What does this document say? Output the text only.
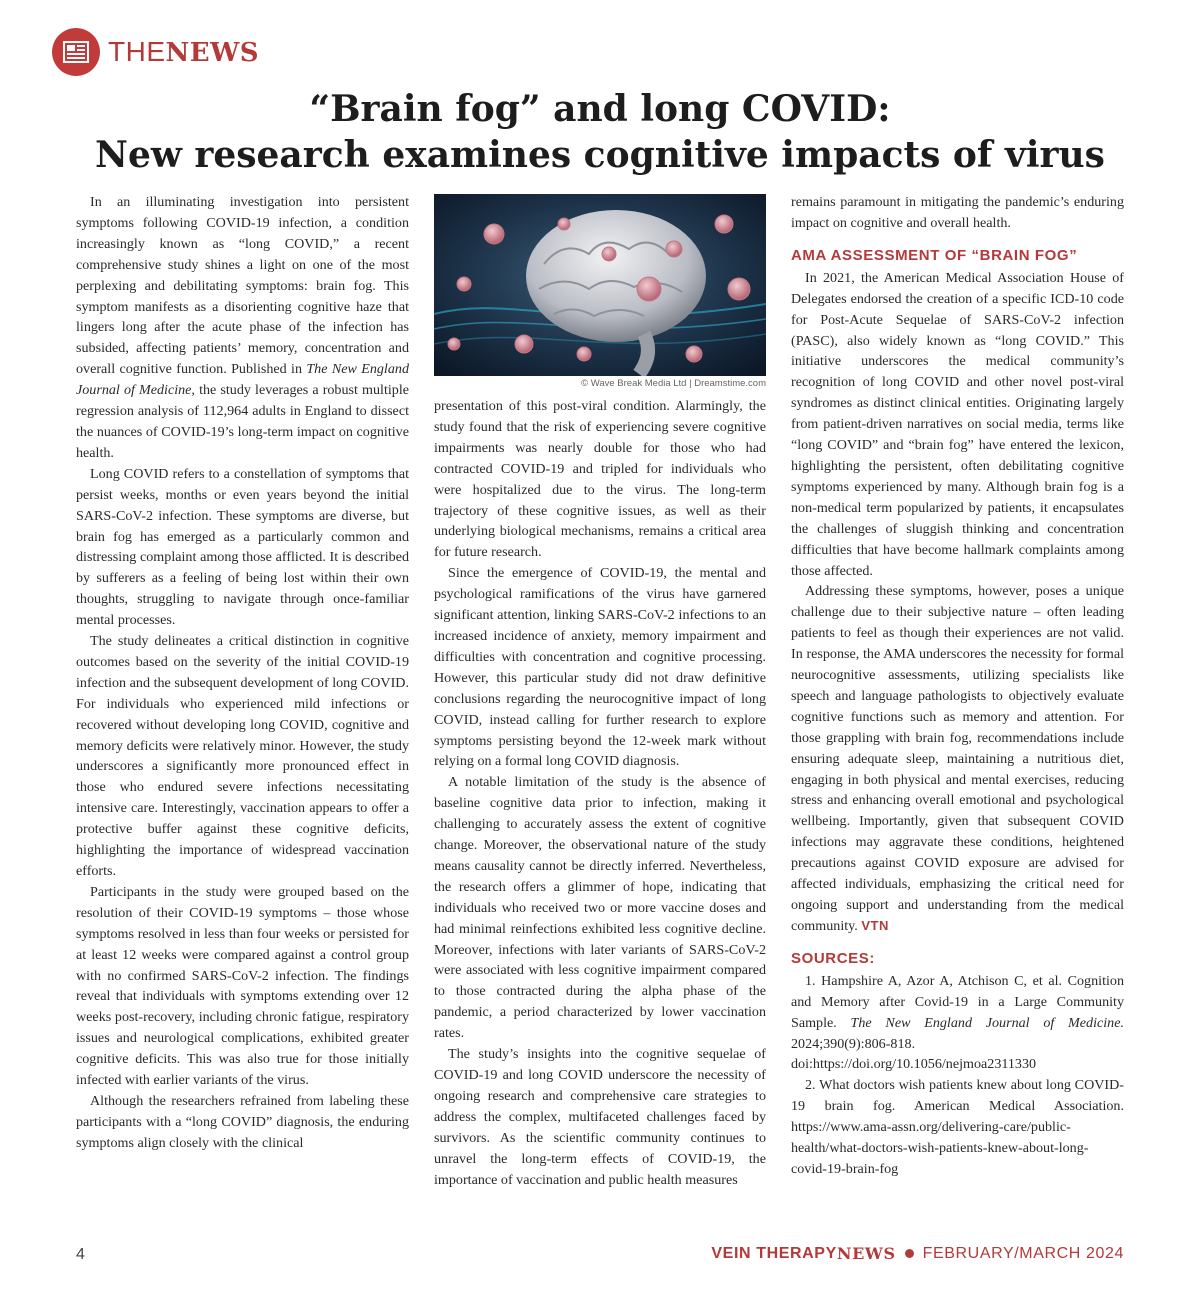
THENEWS
“Brain fog” and long COVID:
New research examines cognitive impacts of virus

In an illuminating investigation into persistent symptoms following COVID-19 infection, a condition increasingly known as “long COVID,” a recent comprehensive study shines a light on one of the most perplexing and debilitating symptoms: brain fog. This symptom manifests as a disorienting cognitive haze that lingers long after the acute phase of the infection has subsided, affecting patients’ memory, concentration and overall cognitive function. Published in The New England Journal of Medicine, the study leverages a robust multiple regression analysis of 112,964 adults in England to dissect the nuances of COVID-19’s long-term impact on cognitive health.

Long COVID refers to a constellation of symptoms that persist weeks, months or even years beyond the initial SARS-CoV-2 infection. These symptoms are diverse, but brain fog has emerged as a particularly common and distressing complaint among those afflicted. It is described by sufferers as a feeling of being lost within their own thoughts, struggling to navigate through once-familiar mental processes.

The study delineates a critical distinction in cognitive outcomes based on the severity of the initial COVID-19 infection and the subsequent development of long COVID. For individuals who experienced mild infections or recovered without developing long COVID, cognitive and memory deficits were relatively minor. However, the study underscores a significantly more pronounced effect in those who endured severe infections necessitating intensive care. Interestingly, vaccination appears to offer a protective buffer against these cognitive deficits, highlighting the importance of widespread vaccination efforts.

Participants in the study were grouped based on the resolution of their COVID-19 symptoms – those whose symptoms resolved in less than four weeks or persisted for at least 12 weeks were compared against a control group with no confirmed SARS-CoV-2 infection. The findings reveal that individuals with symptoms extending over 12 weeks post-recovery, including chronic fatigue, respiratory issues and neurological complications, exhibited greater cognitive deficits. This was also true for those initially infected with earlier variants of the virus.

Although the researchers refrained from labeling these participants with a “long COVID” diagnosis, the enduring symptoms align closely with the clinical

© Wave Break Media Ltd | Dreamstime.com

presentation of this post-viral condition. Alarmingly, the study found that the risk of experiencing severe cognitive impairments was nearly double for those who had contracted COVID-19 and tripled for individuals who were hospitalized due to the virus. The long-term trajectory of these cognitive issues, as well as their underlying biological mechanisms, remains a critical area for future research.

Since the emergence of COVID-19, the mental and psychological ramifications of the virus have garnered significant attention, linking SARS-CoV-2 infections to an increased incidence of anxiety, memory impairment and difficulties with concentration and cognitive processing. However, this particular study did not draw definitive conclusions regarding the neurocognitive impact of long COVID, instead calling for further research to explore symptoms persisting beyond the 12-week mark without relying on a formal long COVID diagnosis.

A notable limitation of the study is the absence of baseline cognitive data prior to infection, making it challenging to accurately assess the extent of cognitive change. Moreover, the observational nature of the study means causality cannot be directly inferred. Nevertheless, the research offers a glimmer of hope, indicating that individuals who received two or more vaccine doses and had minimal reinfections exhibited less cognitive decline. Moreover, infections with later variants of SARS-CoV-2 were associated with less cognitive impairment compared to those contracted during the alpha phase of the pandemic, a period characterized by lower vaccination rates.

The study’s insights into the cognitive sequelae of COVID-19 and long COVID underscore the necessity of ongoing research and comprehensive care strategies to address the complex, multifaceted challenges faced by survivors. As the scientific community continues to unravel the long-term effects of COVID-19, the importance of vaccination and public health measures

remains paramount in mitigating the pandemic’s enduring impact on cognitive and overall health.

AMA ASSESSMENT OF “BRAIN FOG”

In 2021, the American Medical Association House of Delegates endorsed the creation of a specific ICD-10 code for Post-Acute Sequelae of SARS-CoV-2 infection (PASC), also widely known as “long COVID.” This initiative underscores the medical community’s recognition of long COVID and other novel post-viral syndromes as distinct clinical entities. Originating largely from patient-driven narratives on social media, terms like “long COVID” and “brain fog” have entered the lexicon, highlighting the persistent, often debilitating cognitive symptoms experienced by many. Although brain fog is a non-medical term popularized by patients, it encapsulates the challenges of sluggish thinking and concentration difficulties that have become hallmark complaints among those affected.

Addressing these symptoms, however, poses a unique challenge due to their subjective nature – often leading patients to feel as though their experiences are not valid. In response, the AMA underscores the necessity for formal neurocognitive assessments, utilizing specialists like speech and language pathologists to objectively evaluate cognitive functions such as memory and attention. For those grappling with brain fog, recommendations include ensuring adequate sleep, maintaining a nutritious diet, engaging in both physical and mental exercises, reducing stress and enhancing overall emotional and psychological wellbeing. Importantly, given that subsequent COVID infections may aggravate these conditions, heightened precautions against COVID exposure are advised for affected individuals, emphasizing the critical need for ongoing support and understanding from the medical community. VTN

SOURCES:

1. Hampshire A, Azor A, Atchison C, et al. Cognition and Memory after Covid-19 in a Large Community Sample. The New England Journal of Medicine. 2024;390(9):806-818. doi:https://doi.org/10.1056/nejmoa2311330

2. What doctors wish patients knew about long COVID-19 brain fog. American Medical Association. https://www.ama-assn.org/delivering-care/public-health/what-doctors-wish-patients-knew-about-long-covid-19-brain-fog

4	VEIN THERAPY NEWS FEBRUARY/MARCH 2024
